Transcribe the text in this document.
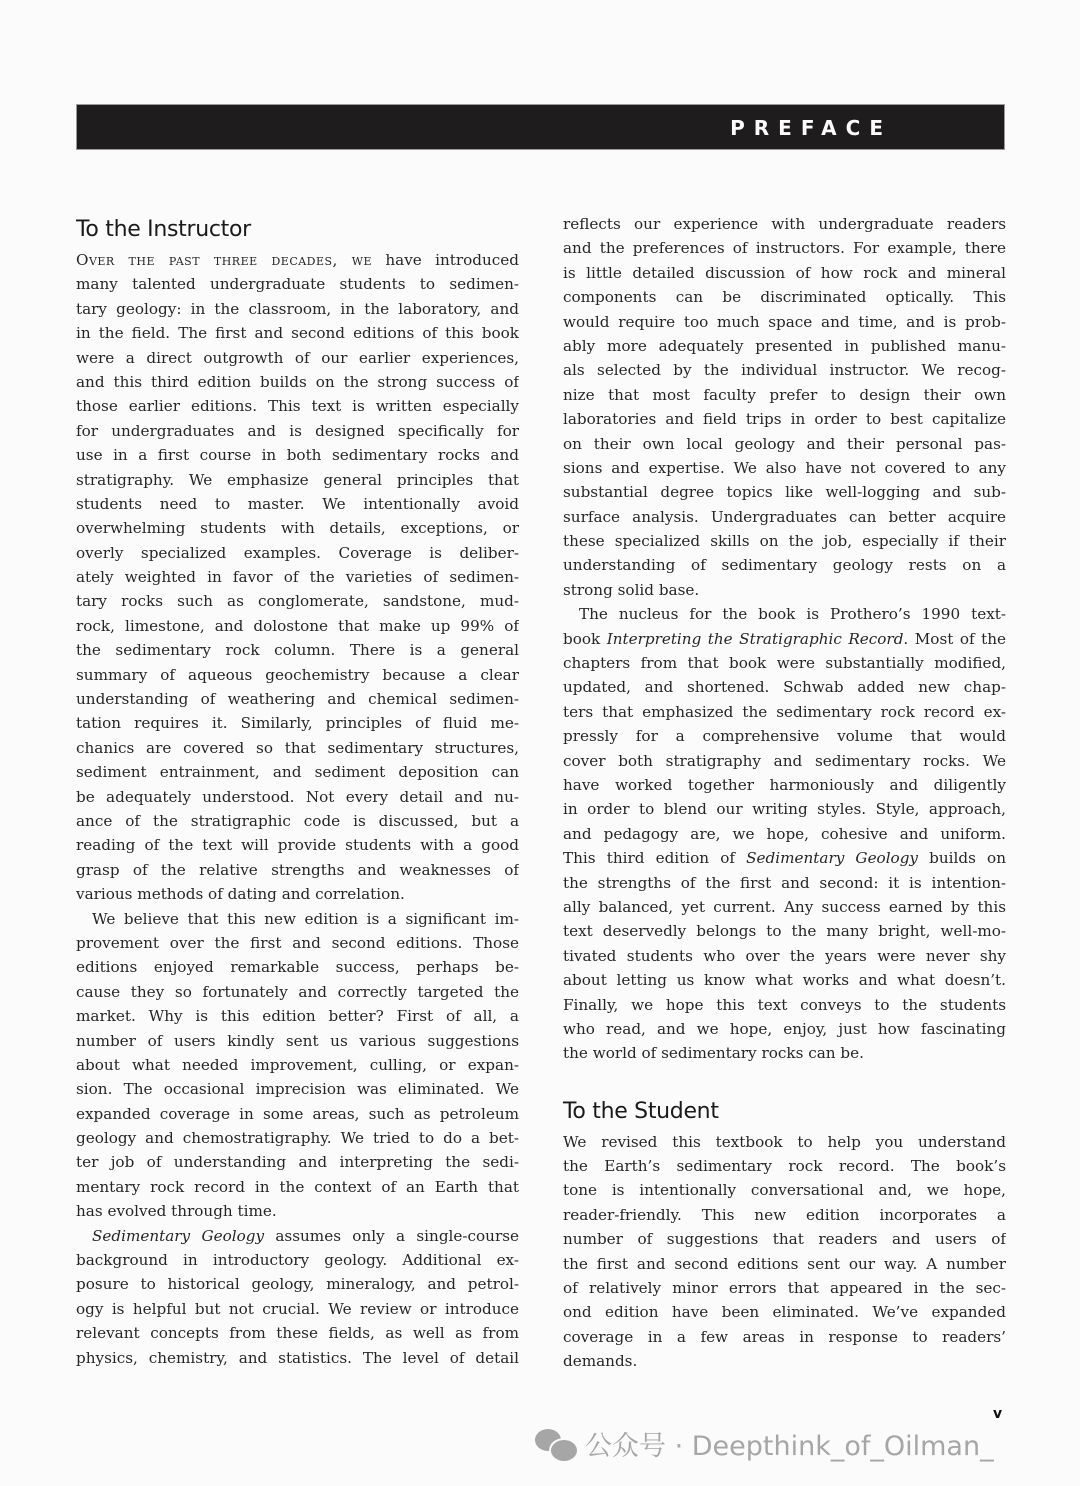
PREFACE
To the Instructor
Over the past three decades, we have introduced
many talented undergraduate students to sedimen-
tary geology: in the classroom, in the laboratory, and
in the field. The first and second editions of this book
were a direct outgrowth of our earlier experiences,
and this third edition builds on the strong success of
those earlier editions. This text is written especially
for undergraduates and is designed specifically for
use in a first course in both sedimentary rocks and
stratigraphy. We emphasize general principles that
students need to master. We intentionally avoid
overwhelming students with details, exceptions, or
overly specialized examples. Coverage is deliber-
ately weighted in favor of the varieties of sedimen-
tary rocks such as conglomerate, sandstone, mud-
rock, limestone, and dolostone that make up 99% of
the sedimentary rock column. There is a general
summary of aqueous geochemistry because a clear
understanding of weathering and chemical sedimen-
tation requires it. Similarly, principles of fluid me-
chanics are covered so that sedimentary structures,
sediment entrainment, and sediment deposition can
be adequately understood. Not every detail and nu-
ance of the stratigraphic code is discussed, but a
reading of the text will provide students with a good
grasp of the relative strengths and weaknesses of
various methods of dating and correlation.
We believe that this new edition is a significant im-
provement over the first and second editions. Those
editions enjoyed remarkable success, perhaps be-
cause they so fortunately and correctly targeted the
market. Why is this edition better? First of all, a
number of users kindly sent us various suggestions
about what needed improvement, culling, or expan-
sion. The occasional imprecision was eliminated. We
expanded coverage in some areas, such as petroleum
geology and chemostratigraphy. We tried to do a bet-
ter job of understanding and interpreting the sedi-
mentary rock record in the context of an Earth that
has evolved through time.
Sedimentary Geology assumes only a single-course
background in introductory geology. Additional ex-
posure to historical geology, mineralogy, and petrol-
ogy is helpful but not crucial. We review or introduce
relevant concepts from these fields, as well as from
physics, chemistry, and statistics. The level of detail
reflects our experience with undergraduate readers
and the preferences of instructors. For example, there
is little detailed discussion of how rock and mineral
components can be discriminated optically. This
would require too much space and time, and is prob-
ably more adequately presented in published manu-
als selected by the individual instructor. We recog-
nize that most faculty prefer to design their own
laboratories and field trips in order to best capitalize
on their own local geology and their personal pas-
sions and expertise. We also have not covered to any
substantial degree topics like well-logging and sub-
surface analysis. Undergraduates can better acquire
these specialized skills on the job, especially if their
understanding of sedimentary geology rests on a
strong solid base.
The nucleus for the book is Prothero’s 1990 text-
book Interpreting the Stratigraphic Record. Most of the
chapters from that book were substantially modified,
updated, and shortened. Schwab added new chap-
ters that emphasized the sedimentary rock record ex-
pressly for a comprehensive volume that would
cover both stratigraphy and sedimentary rocks. We
have worked together harmoniously and diligently
in order to blend our writing styles. Style, approach,
and pedagogy are, we hope, cohesive and uniform.
This third edition of Sedimentary Geology builds on
the strengths of the first and second: it is intention-
ally balanced, yet current. Any success earned by this
text deservedly belongs to the many bright, well-mo-
tivated students who over the years were never shy
about letting us know what works and what doesn’t.
Finally, we hope this text conveys to the students
who read, and we hope, enjoy, just how fascinating
the world of sedimentary rocks can be.
To the Student
We revised this textbook to help you understand
the Earth’s sedimentary rock record. The book’s
tone is intentionally conversational and, we hope,
reader-friendly. This new edition incorporates a
number of suggestions that readers and users of
the first and second editions sent our way. A number
of relatively minor errors that appeared in the sec-
ond edition have been eliminated. We’ve expanded
coverage in a few areas in response to readers’
demands.
v
公众号 · Deepthink_of_Oilman_
